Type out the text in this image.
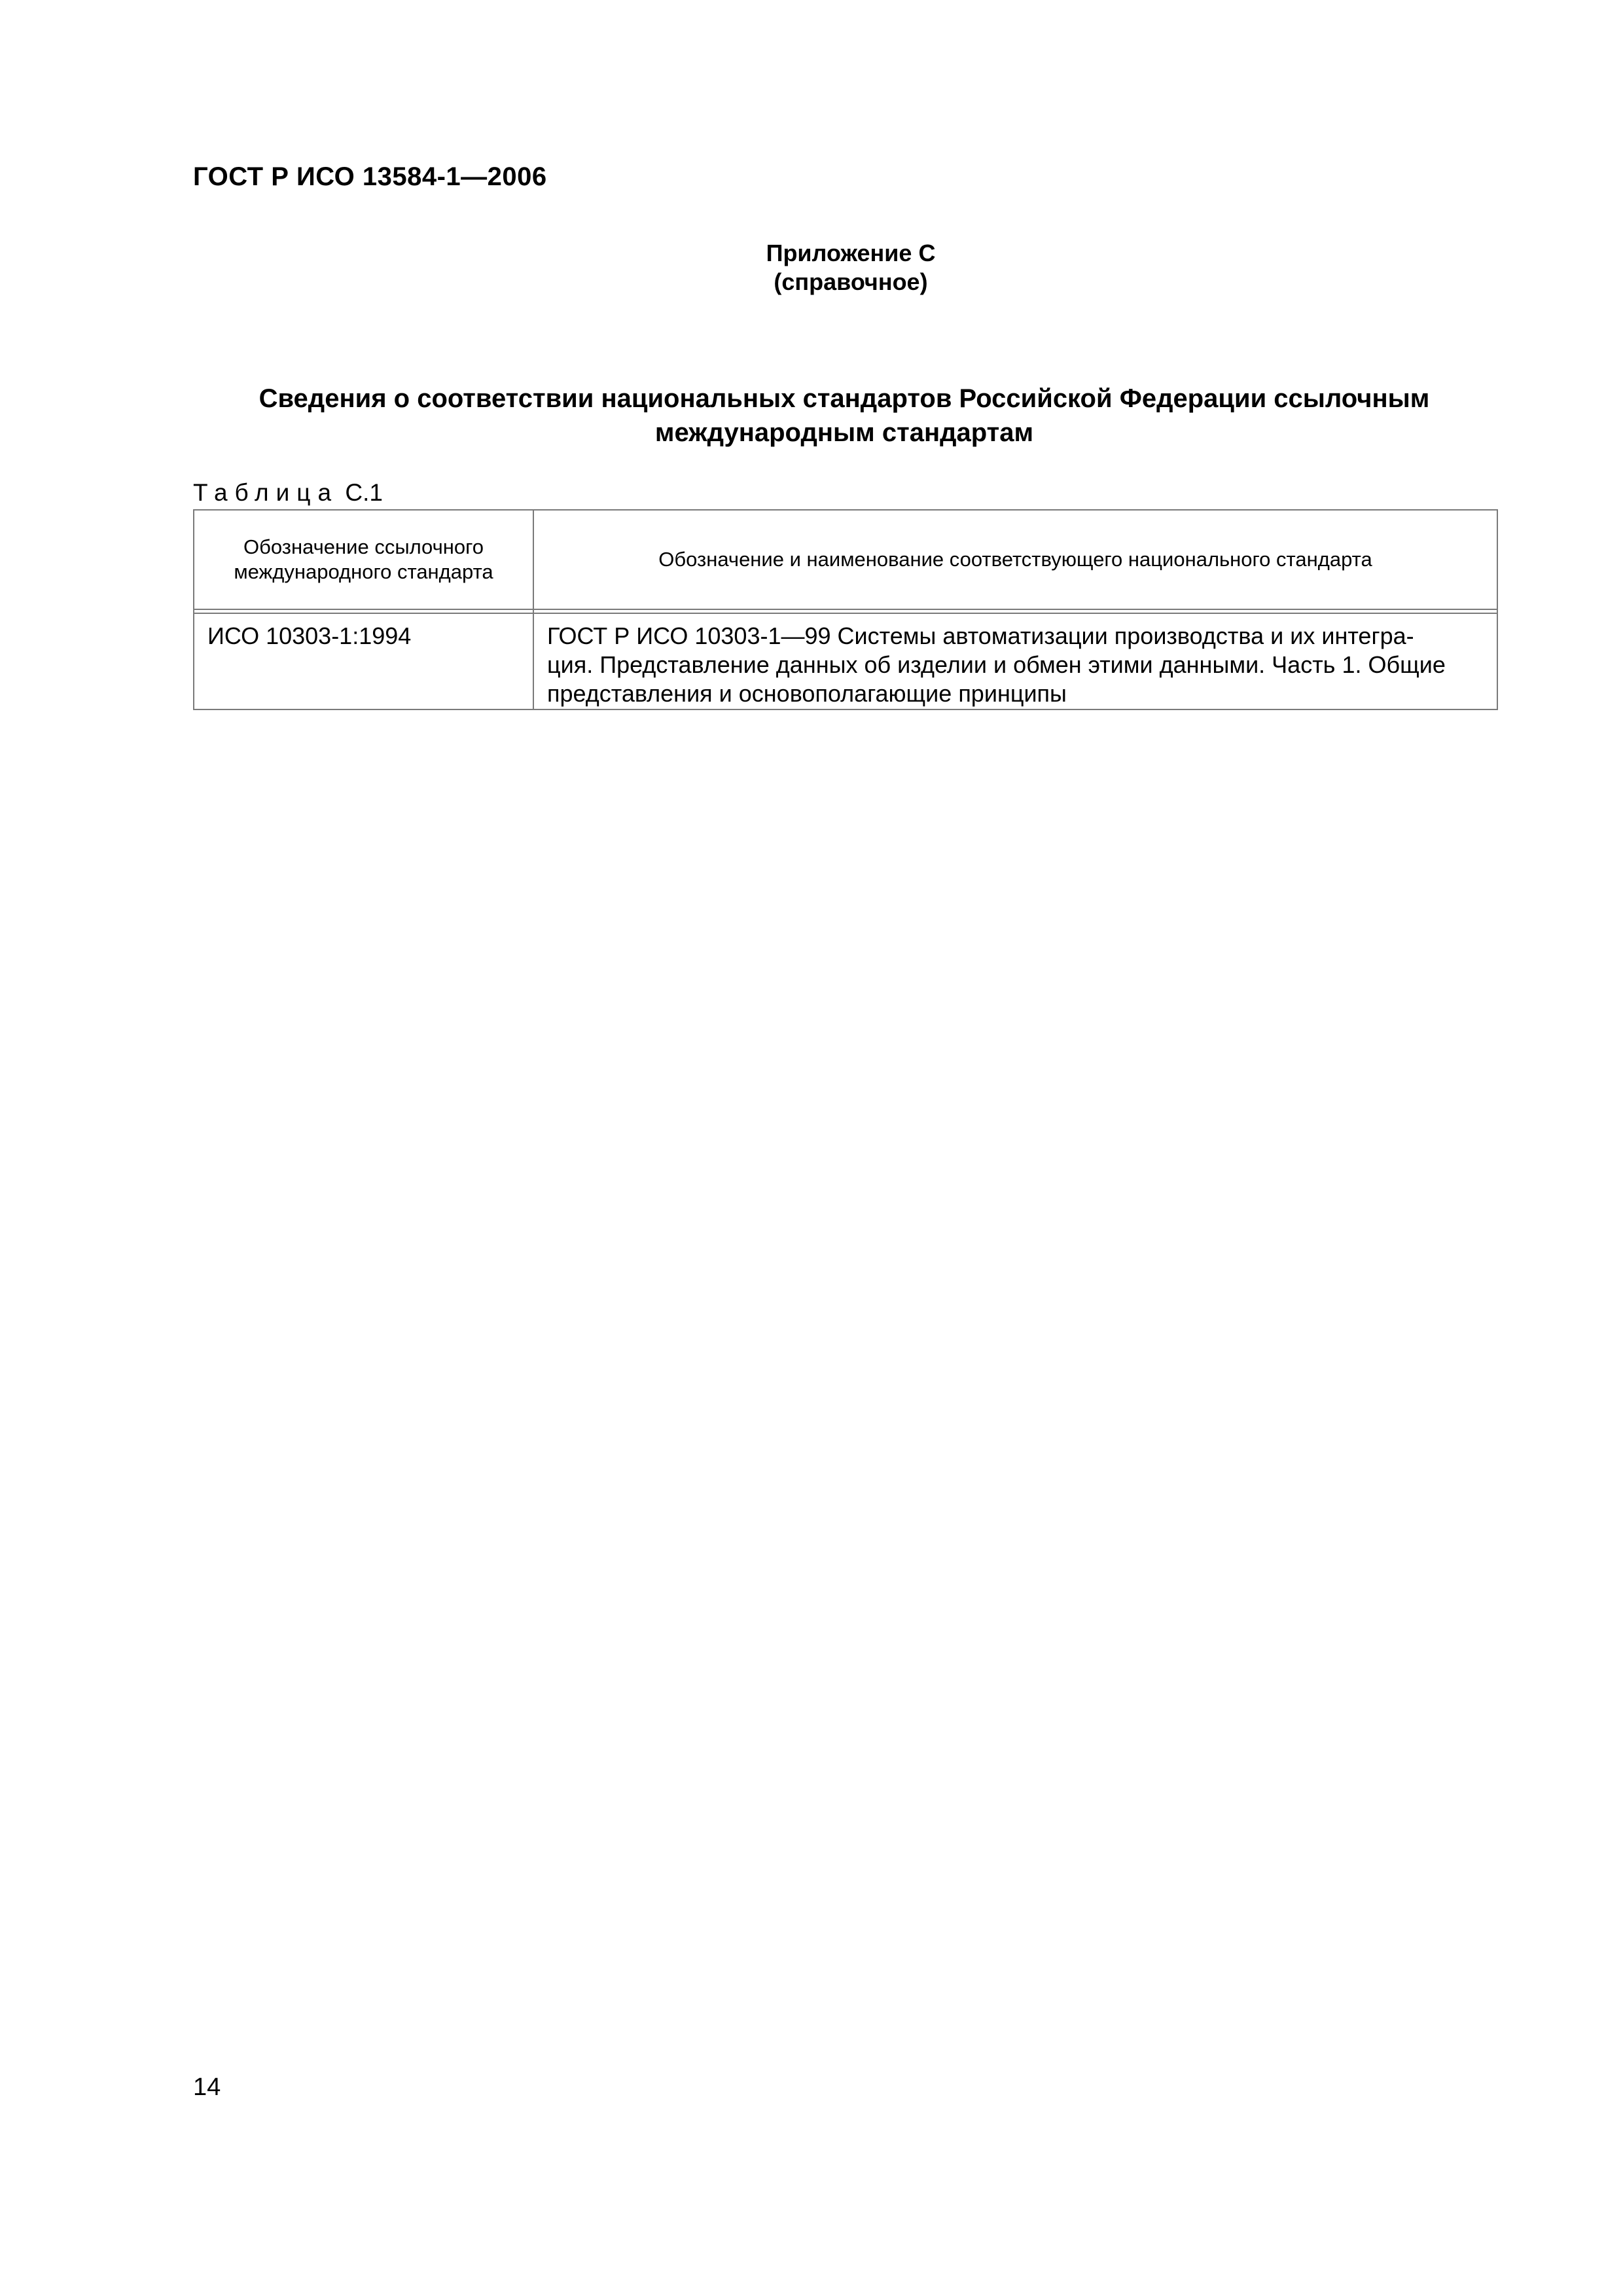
ГОСТ Р ИСО 13584-1—2006
Приложение С
(справочное)
Сведения о соответствии национальных стандартов Российской Федерации ссылочным
международным стандартам
Таблица С.1
Обозначение ссылочного международного стандарта
Обозначение и наименование соответствующего национального стандарта
ИСО 10303-1:1994	ГОСТ Р ИСО 10303-1—99 Системы автоматизации производства и их интегра-
ция. Представление данных об изделии и обмен этими данными. Часть 1. Общие
представления и основополагающие принципы
14
